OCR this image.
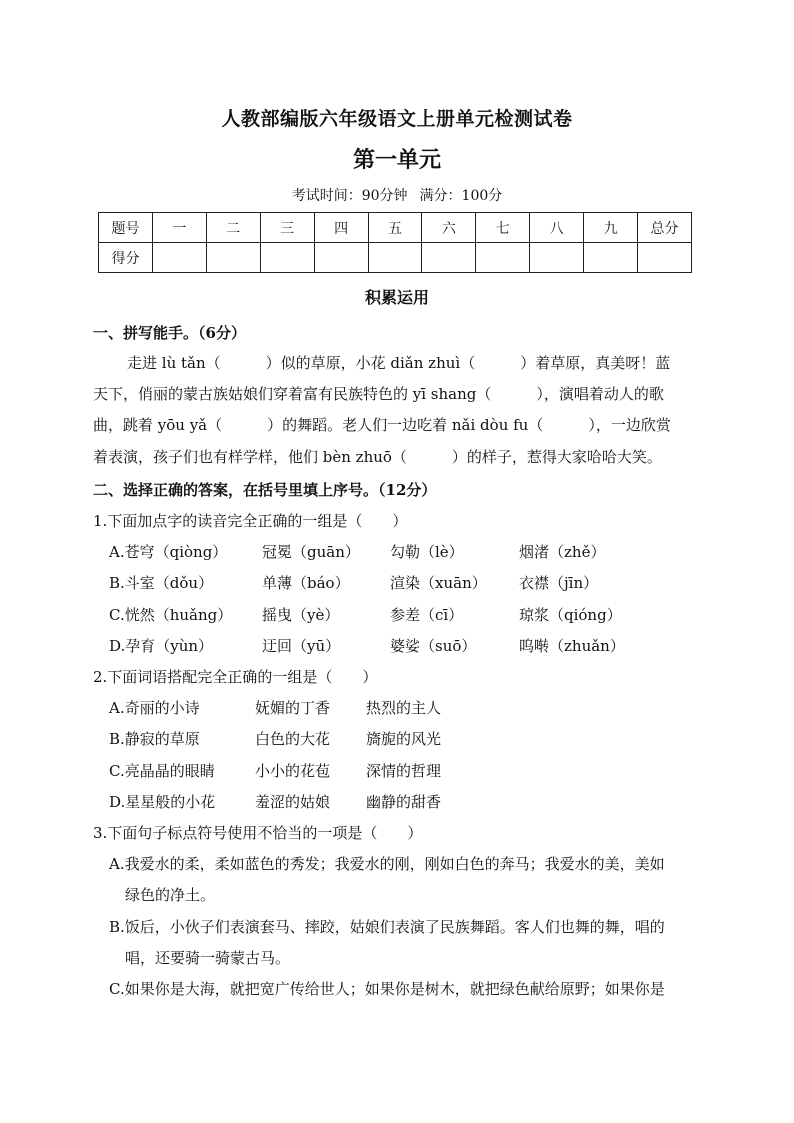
人教部编版六年级语文上册单元检测试卷
第一单元
考试时间：90分钟 满分：100分
题号	一	二	三	四	五	六	七	八	九	总分
得分										
积累运用
一、拼写能手。（6分）
走进 lù tǎn（　　　）似的草原，小花 diǎn zhuì（　　　）着草原，真美呀！蓝
天下，俏丽的蒙古族姑娘们穿着富有民族特色的 yī shang（　　　），演唱着动人的歌
曲，跳着 yōu yǎ（　　　）的舞蹈。老人们一边吃着 nǎi dòu fu（　　　），一边欣赏
着表演，孩子们也有样学样，他们 bèn zhuō（　　　）的样子，惹得大家哈哈大笑。
二、选择正确的答案，在括号里填上序号。（12分）
1.下面加点字的读音完全正确的一组是（　　）
A.苍穹（qiòng） 冠冕（guān） 勾勒（lè）	烟渚（zhě）
B.斗室（dǒu）	单薄（báo）	渲染（xuān） 衣襟（jīn）
C.恍然（huǎng） 摇曳（yè）	参差（cī）	琼浆（qióng）
D.孕育（yùn）	迂回（yū）	婆娑（suō）	呜啭（zhuǎn）
2.下面词语搭配完全正确的一组是（　　）
A.奇丽的小诗	妩媚的丁香 热烈的主人
B.静寂的草原	白色的大花 旖旎的风光
C.亮晶晶的眼睛	小小的花苞 深情的哲理
D.星星般的小花	羞涩的姑娘 幽静的甜香
3.下面句子标点符号使用不恰当的一项是（　　）
A.我爱水的柔，柔如蓝色的秀发；我爱水的刚，刚如白色的奔马；我爱水的美，美如
绿色的净土。
B.饭后，小伙子们表演套马、摔跤，姑娘们表演了民族舞蹈。客人们也舞的舞，唱的
唱，还要骑一骑蒙古马。
C.如果你是大海，就把宽广传给世人；如果你是树木，就把绿色献给原野；如果你是
